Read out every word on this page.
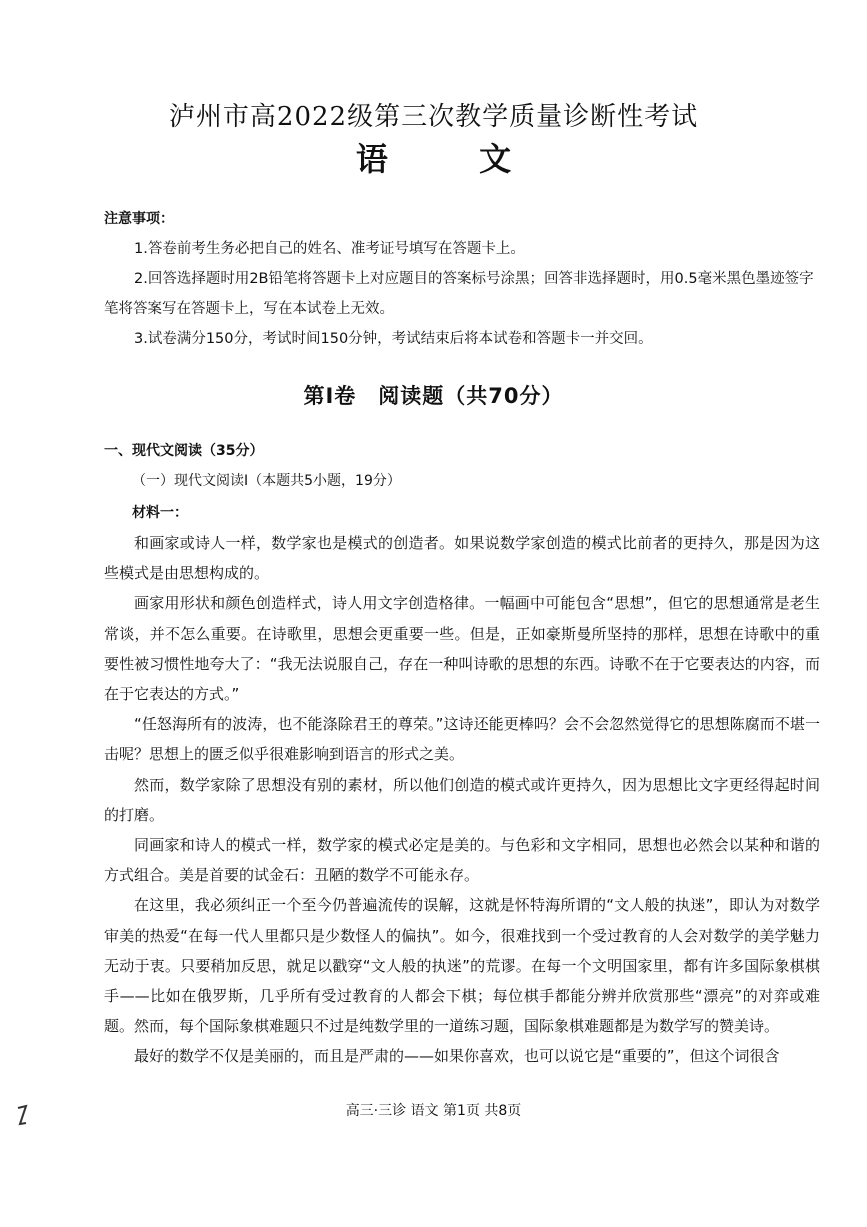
泸州市高2022级第三次教学质量诊断性考试
语 文
注意事项：

1.答卷前考生务必把自己的姓名、准考证号填写在答题卡上。

2.回答选择题时用2B铅笔将答题卡上对应题目的答案标号涂黑；回答非选择题时，用0.5毫米黑色墨迹签字笔将答案写在答题卡上，写在本试卷上无效。

3.试卷满分150分，考试时间150分钟，考试结束后将本试卷和答题卡一并交回。

第Ⅰ卷　阅读题（共70分）
一、现代文阅读（35分）
（一）现代文阅读Ⅰ（本题共5小题，19分）
材料一：

和画家或诗人一样，数学家也是模式的创造者。如果说数学家创造的模式比前者的更持久，那是因为这些模式是由思想构成的。

画家用形状和颜色创造样式，诗人用文字创造格律。一幅画中可能包含“思想”，但它的思想通常是老生常谈，并不怎么重要。在诗歌里，思想会更重要一些。但是，正如豪斯曼所坚持的那样，思想在诗歌中的重要性被习惯性地夸大了：“我无法说服自己，存在一种叫诗歌的思想的东西。诗歌不在于它要表达的内容，而在于它表达的方式。”

“任怒海所有的波涛，也不能涤除君王的尊荣。”这诗还能更棒吗？会不会忽然觉得它的思想陈腐而不堪一击呢？思想上的匮乏似乎很难影响到语言的形式之美。

然而，数学家除了思想没有别的素材，所以他们创造的模式或许更持久，因为思想比文字更经得起时间的打磨。

同画家和诗人的模式一样，数学家的模式必定是美的。与色彩和文字相同，思想也必然会以某种和谐的方式组合。美是首要的试金石：丑陋的数学不可能永存。

在这里，我必须纠正一个至今仍普遍流传的误解，这就是怀特海所谓的“文人般的执迷”，即认为对数学审美的热爱“在每一代人里都只是少数怪人的偏执”。如今，很难找到一个受过教育的人会对数学的美学魅力无动于衷。只要稍加反思，就足以戳穿“文人般的执迷”的荒谬。在每一个文明国家里，都有许多国际象棋棋手——比如在俄罗斯，几乎所有受过教育的人都会下棋；每位棋手都能分辨并欣赏那些“漂亮”的对弈或难题。然而，每个国际象棋难题只不过是纯数学里的一道练习题，国际象棋难题都是为数学写的赞美诗。

最好的数学不仅是美丽的，而且是严肃的——如果你喜欢，也可以说它是“重要的”，但这个词很含

高三·三诊 语文 第1页 共8页
